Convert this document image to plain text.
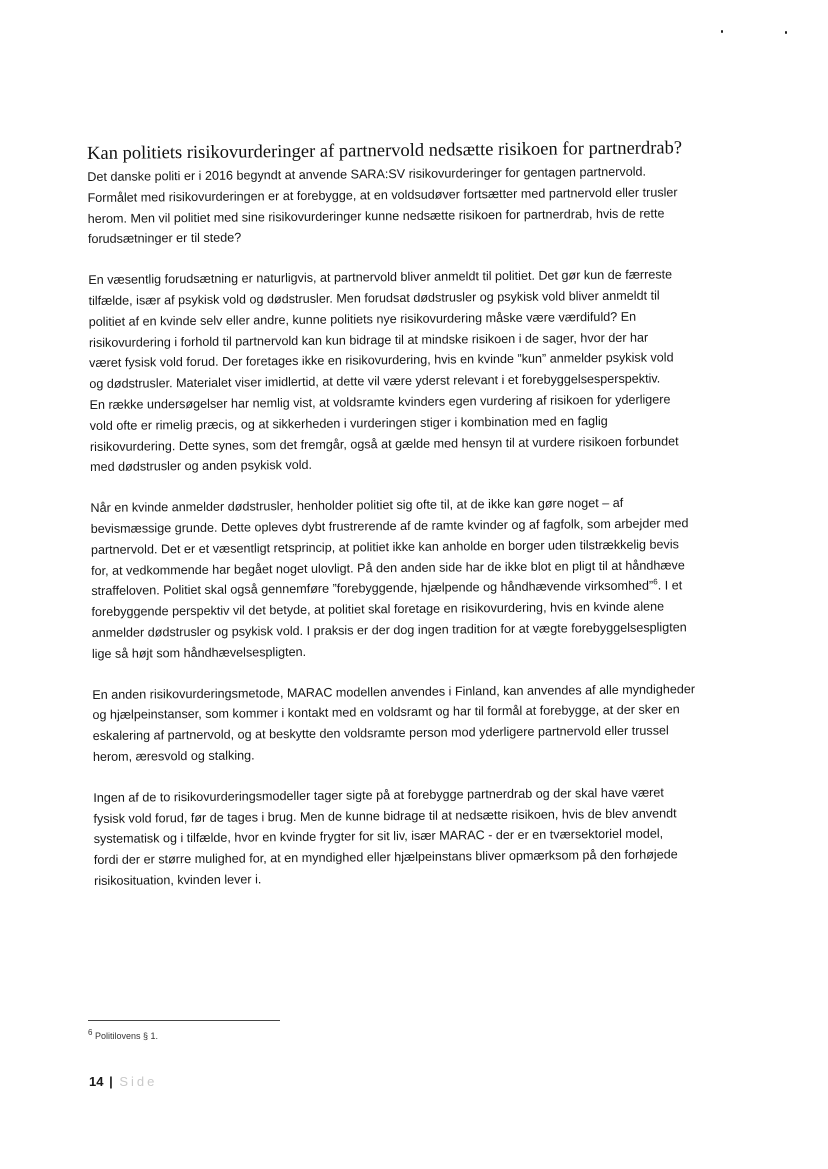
Kan politiets risikovurderinger af partnervold nedsætte risikoen for partnerdrab?

Det danske politi er i 2016 begyndt at anvende SARA:SV risikovurderinger for gentagen partnervold.
Formålet med risikovurderingen er at forebygge, at en voldsudøver fortsætter med partnervold eller trusler
herom. Men vil politiet med sine risikovurderinger kunne nedsætte risikoen for partnerdrab, hvis de rette
forudsætninger er til stede?

En væsentlig forudsætning er naturligvis, at partnervold bliver anmeldt til politiet. Det gør kun de færreste
tilfælde, især af psykisk vold og dødstrusler. Men forudsat dødstrusler og psykisk vold bliver anmeldt til
politiet af en kvinde selv eller andre, kunne politiets nye risikovurdering måske være værdifuld? En
risikovurdering i forhold til partnervold kan kun bidrage til at mindske risikoen i de sager, hvor der har
været fysisk vold forud. Der foretages ikke en risikovurdering, hvis en kvinde ”kun” anmelder psykisk vold
og dødstrusler. Materialet viser imidlertid, at dette vil være yderst relevant i et forebyggelsesperspektiv.
En række undersøgelser har nemlig vist, at voldsramte kvinders egen vurdering af risikoen for yderligere
vold ofte er rimelig præcis, og at sikkerheden i vurderingen stiger i kombination med en faglig
risikovurdering. Dette synes, som det fremgår, også at gælde med hensyn til at vurdere risikoen forbundet
med dødstrusler og anden psykisk vold.

Når en kvinde anmelder dødstrusler, henholder politiet sig ofte til, at de ikke kan gøre noget – af
bevismæssige grunde. Dette opleves dybt frustrerende af de ramte kvinder og af fagfolk, som arbejder med
partnervold. Det er et væsentligt retsprincip, at politiet ikke kan anholde en borger uden tilstrækkelig bevis
for, at vedkommende har begået noget ulovligt. På den anden side har de ikke blot en pligt til at håndhæve
straffeloven. Politiet skal også gennemføre ”forebyggende, hjælpende og håndhævende virksomhed”$^6$. I et
forebyggende perspektiv vil det betyde, at politiet skal foretage en risikovurdering, hvis en kvinde alene
anmelder dødstrusler og psykisk vold. I praksis er der dog ingen tradition for at vægte forebyggelsespligten
lige så højt som håndhævelsespligten.

En anden risikovurderingsmetode, MARAC modellen anvendes i Finland, kan anvendes af alle myndigheder
og hjælpeinstanser, som kommer i kontakt med en voldsramt og har til formål at forebygge, at der sker en
eskalering af partnervold, og at beskytte den voldsramte person mod yderligere partnervold eller trussel
herom, æresvold og stalking.

Ingen af de to risikovurderingsmodeller tager sigte på at forebygge partnerdrab og der skal have været
fysisk vold forud, før de tages i brug. Men de kunne bidrage til at nedsætte risikoen, hvis de blev anvendt
systematisk og i tilfælde, hvor en kvinde frygter for sit liv, især MARAC - der er en tværsektoriel model,
fordi der er større mulighed for, at en myndighed eller hjælpeinstans bliver opmærksom på den forhøjede
risikosituation, kvinden lever i.

$^6$ Politilovens § 1.
14 | Side
